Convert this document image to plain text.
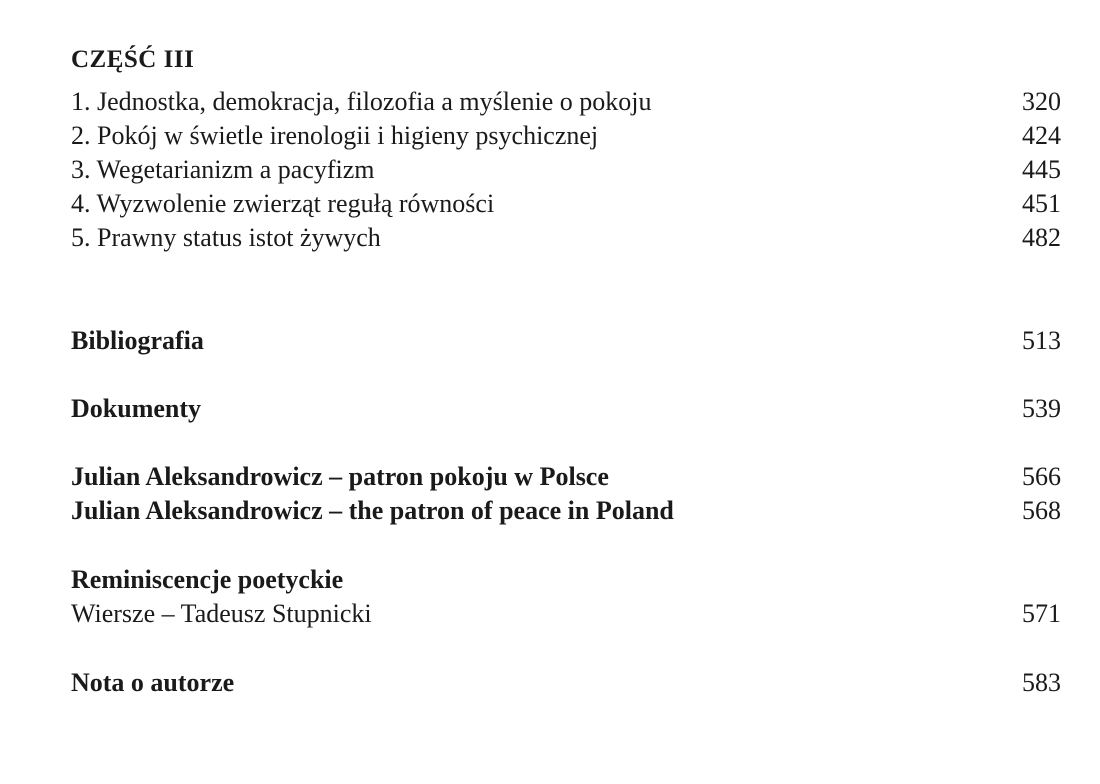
CZĘŚĆ III
1. Jednostka, demokracja, filozofia a myślenie o pokoju	320
2. Pokój w świetle irenologii i higieny psychicznej	424
3. Wegetarianizm a pacyfizm	445
4. Wyzwolenie zwierząt regułą równości	451
5. Prawny status istot żywych	482
Bibliografia	513
Dokumenty	539
Julian Aleksandrowicz – patron pokoju w Polsce	566
Julian Aleksandrowicz – the patron of peace in Poland	568
Reminiscencje poetyckie
Wiersze – Tadeusz Stupnicki	571
Nota o autorze	583
